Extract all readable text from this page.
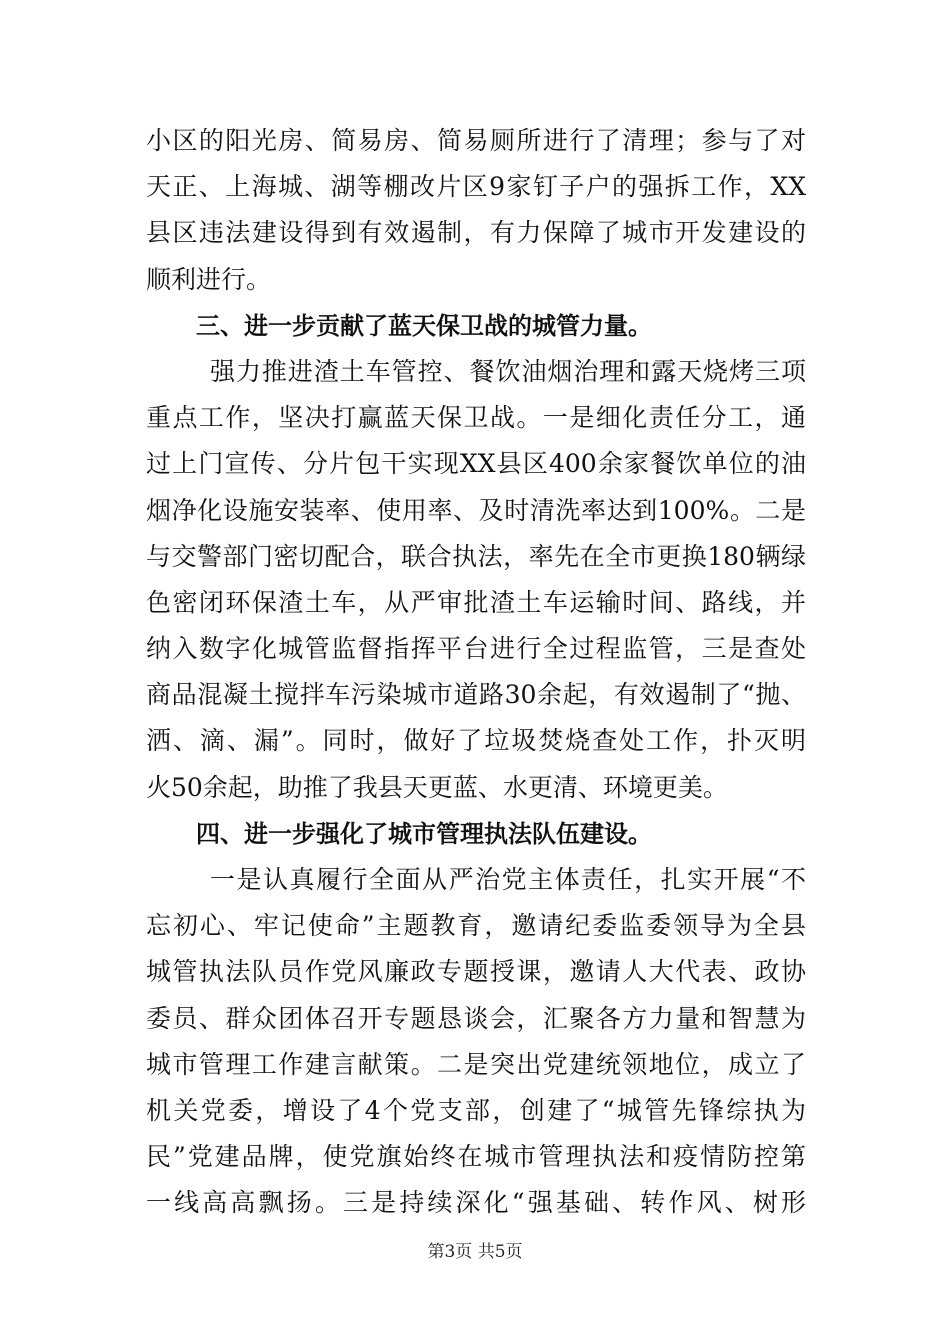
小区的阳光房、简易房、简易厕所进行了清理；参与了对
天正、上海城、湖等棚改片区9家钉子户的强拆工作，XX
县区违法建设得到有效遏制，有力保障了城市开发建设的
顺利进行。
三、进一步贡献了蓝天保卫战的城管力量。
强力推进渣土车管控、餐饮油烟治理和露天烧烤三项
重点工作，坚决打赢蓝天保卫战。一是细化责任分工，通
过上门宣传、分片包干实现XX县区400余家餐饮单位的油
烟净化设施安装率、使用率、及时清洗率达到100%。二是
与交警部门密切配合，联合执法，率先在全市更换180辆绿
色密闭环保渣土车，从严审批渣土车运输时间、路线，并
纳入数字化城管监督指挥平台进行全过程监管，三是查处
商品混凝土搅拌车污染城市道路30余起，有效遏制了“抛、
洒、滴、漏”。同时，做好了垃圾焚烧查处工作，扑灭明
火50余起，助推了我县天更蓝、水更清、环境更美。
四、进一步强化了城市管理执法队伍建设。
一是认真履行全面从严治党主体责任，扎实开展“不
忘初心、牢记使命”主题教育，邀请纪委监委领导为全县
城管执法队员作党风廉政专题授课，邀请人大代表、政协
委员、群众团体召开专题恳谈会，汇聚各方力量和智慧为
城市管理工作建言献策。二是突出党建统领地位，成立了
机关党委，增设了4个党支部，创建了“城管先锋综执为
民”党建品牌，使党旗始终在城市管理执法和疫情防控第
一线高高飘扬。三是持续深化“强基础、转作风、树形
第3页 共5页
